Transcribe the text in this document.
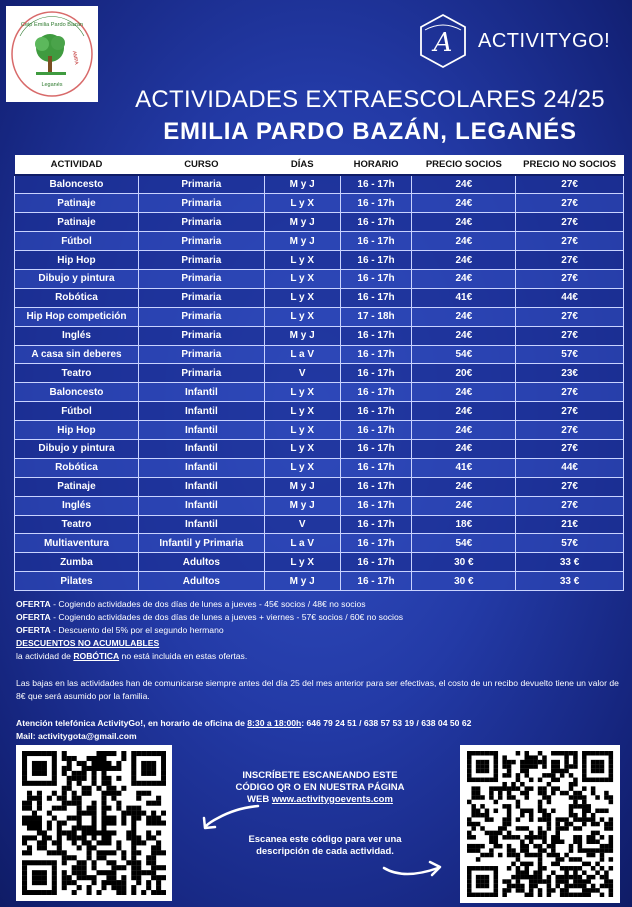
Ceip Emilia Pardo Bazán
AMPA
Leganés
A ACTIVITYGO!
ACTIVIDADES EXTRAESCOLARES 24/25
EMILIA PARDO BAZÁN, LEGANÉS
ACTIVIDAD	CURSO	DÍAS	HORARIO	PRECIO SOCIOS	PRECIO NO SOCIOS
Baloncesto	Primaria	M y J	16 - 17h	24€	27€
Patinaje	Primaria	L y X	16 - 17h	24€	27€
Patinaje	Primaria	M y J	16 - 17h	24€	27€
Fútbol	Primaria	M y J	16 - 17h	24€	27€
Hip Hop	Primaria	L y X	16 - 17h	24€	27€
Dibujo y pintura	Primaria	L y X	16 - 17h	24€	27€
Robótica	Primaria	L y X	16 - 17h	41€	44€
Hip Hop competición	Primaria	L y X	17 - 18h	24€	27€
Inglés	Primaria	M y J	16 - 17h	24€	27€
A casa sin deberes	Primaria	L a V	16 - 17h	54€	57€
Teatro	Primaria	V	16 - 17h	20€	23€
Baloncesto	Infantil	L y X	16 - 17h	24€	27€
Fútbol	Infantil	L y X	16 - 17h	24€	27€
Hip Hop	Infantil	L y X	16 - 17h	24€	27€
Dibujo y pintura	Infantil	L y X	16 - 17h	24€	27€
Robótica	Infantil	L y X	16 - 17h	41€	44€
Patinaje	Infantil	M y J	16 - 17h	24€	27€
Inglés	Infantil	M y J	16 - 17h	24€	27€
Teatro	Infantil	V	16 - 17h	18€	21€
Multiaventura	Infantil y Primaria	L a V	16 - 17h	54€	57€
Zumba	Adultos	L y X	16 - 17h	30 €	33 €
Pilates	Adultos	M y J	16 - 17h	30 €	33 €
OFERTA - Cogiendo actividades de dos días de lunes a jueves - 45€ socios / 48€ no socios
OFERTA - Cogiendo actividades de dos días de lunes a jueves + viernes - 57€ socios / 60€ no socios
OFERTA - Descuento del 5% por el segundo hermano
DESCUENTOS NO ACUMULABLES
la actividad de ROBÓTICA no está incluida en estas ofertas.
Las bajas en las actividades han de comunicarse siempre antes del día 25 del mes anterior para ser efectivas, el costo de un recibo devuelto tiene un valor de 8€ que será asumido por la familia.
Atención telefónica ActivityGo!, en horario de oficina de 8:30 a 18:00h: 646 79 24 51 / 638 57 53 19 / 638 04 50 62
Mail: activitygota@gmail.com
INSCRÍBETE ESCANEANDO ESTE
CÓDIGO QR O EN NUESTRA PÁGINA
WEB www.activitygoevents.com
Escanea este código para ver una
descripción de cada actividad.
